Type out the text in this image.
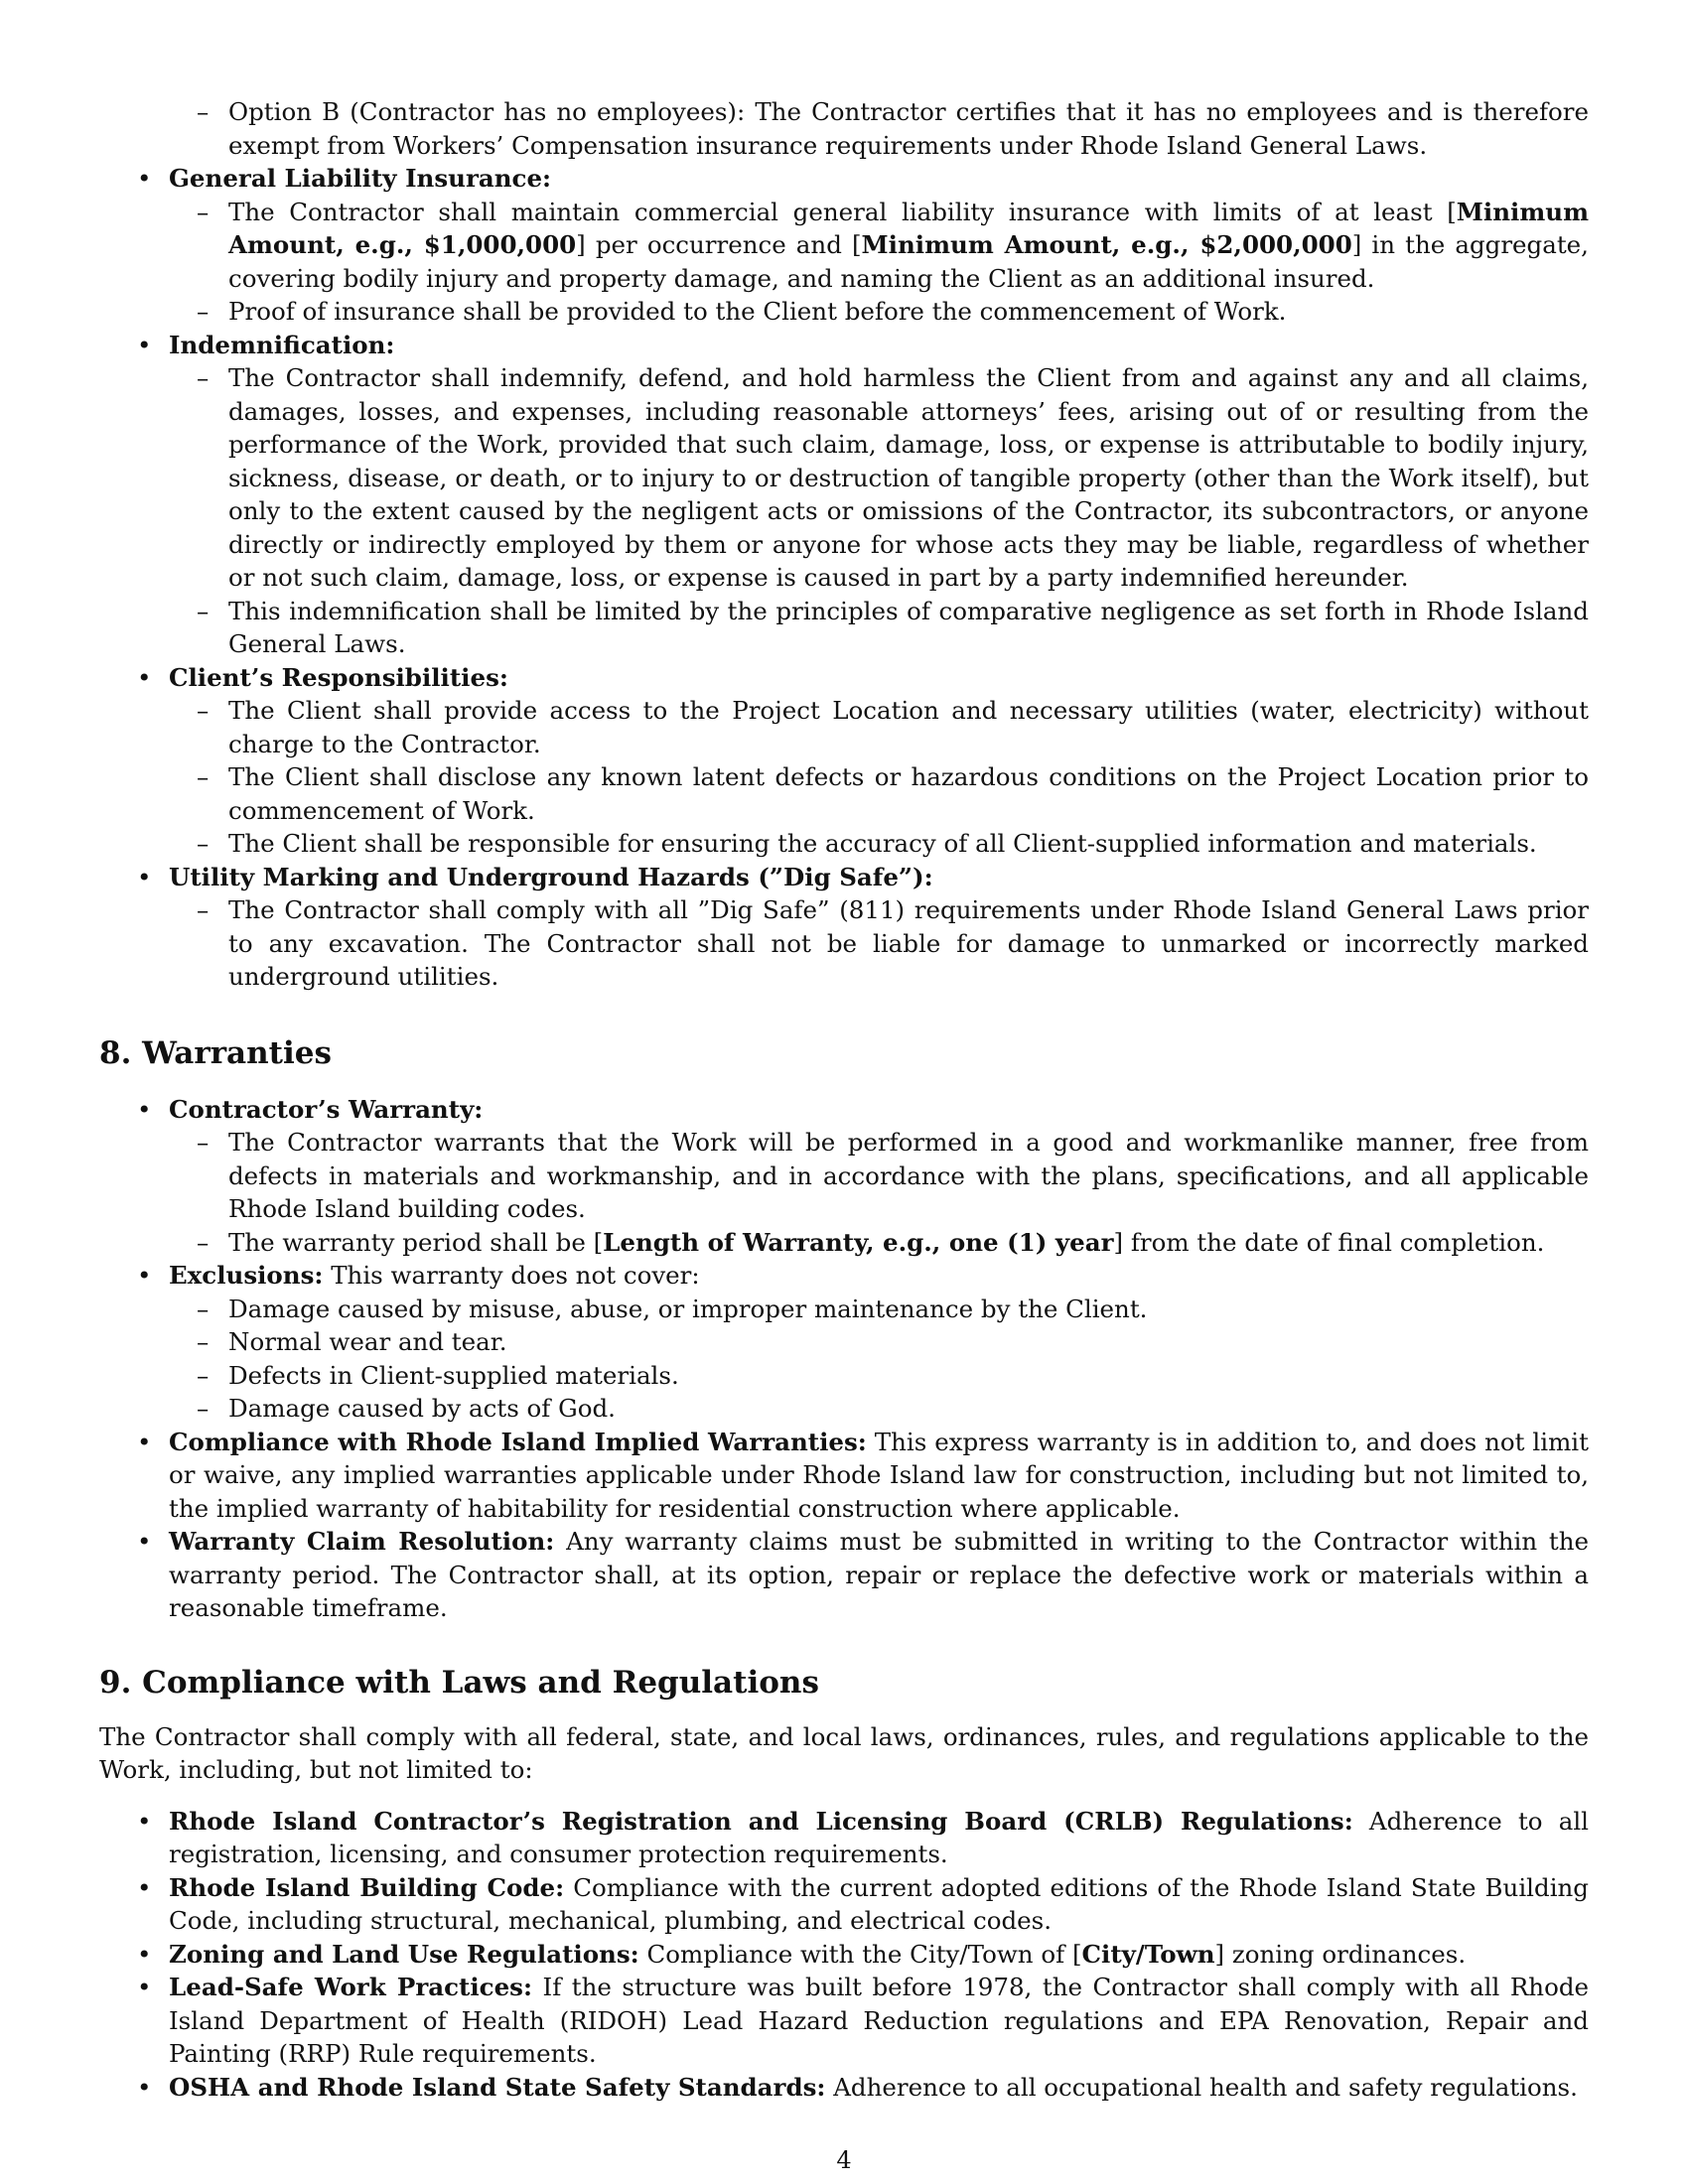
– Option B (Contractor has no employees): The Contractor certifies that it has no employees and is therefore exempt from Workers’ Compensation insurance requirements under Rhode Island General Laws.
• General Liability Insurance:
– The Contractor shall maintain commercial general liability insurance with limits of at least [Minimum Amount, e.g., $1,000,000] per occurrence and [Minimum Amount, e.g., $2,000,000] in the aggregate, covering bodily injury and property damage, and naming the Client as an additional insured.
– Proof of insurance shall be provided to the Client before the commencement of Work.
• Indemnification:
– The Contractor shall indemnify, defend, and hold harmless the Client from and against any and all claims, damages, losses, and expenses, including reasonable attorneys’ fees, arising out of or resulting from the performance of the Work, provided that such claim, damage, loss, or expense is attributable to bodily injury, sickness, disease, or death, or to injury to or destruction of tangible property (other than the Work itself), but only to the extent caused by the negligent acts or omissions of the Contractor, its subcontractors, or anyone directly or indirectly employed by them or anyone for whose acts they may be liable, regardless of whether or not such claim, damage, loss, or expense is caused in part by a party indemnified hereunder.
– This indemnification shall be limited by the principles of comparative negligence as set forth in Rhode Island General Laws.
• Client’s Responsibilities:
– The Client shall provide access to the Project Location and necessary utilities (water, electricity) without charge to the Contractor.
– The Client shall disclose any known latent defects or hazardous conditions on the Project Location prior to commencement of Work.
– The Client shall be responsible for ensuring the accuracy of all Client-supplied information and materials.
• Utility Marking and Underground Hazards (”Dig Safe”):
– The Contractor shall comply with all ”Dig Safe” (811) requirements under Rhode Island General Laws prior to any excavation. The Contractor shall not be liable for damage to unmarked or incorrectly marked underground utilities.
8. Warranties
• Contractor’s Warranty:
– The Contractor warrants that the Work will be performed in a good and workmanlike manner, free from defects in materials and workmanship, and in accordance with the plans, specifications, and all applicable Rhode Island building codes.
– The warranty period shall be [Length of Warranty, e.g., one (1) year] from the date of final completion.
• Exclusions: This warranty does not cover:
– Damage caused by misuse, abuse, or improper maintenance by the Client.
– Normal wear and tear.
– Defects in Client-supplied materials.
– Damage caused by acts of God.
• Compliance with Rhode Island Implied Warranties: This express warranty is in addition to, and does not limit or waive, any implied warranties applicable under Rhode Island law for construction, including but not limited to, the implied warranty of habitability for residential construction where applicable.
• Warranty Claim Resolution: Any warranty claims must be submitted in writing to the Contractor within the warranty period. The Contractor shall, at its option, repair or replace the defective work or materials within a reasonable timeframe.
9. Compliance with Laws and Regulations

The Contractor shall comply with all federal, state, and local laws, ordinances, rules, and regulations applicable to the Work, including, but not limited to:

• Rhode Island Contractor’s Registration and Licensing Board (CRLB) Regulations: Adherence to all registration, licensing, and consumer protection requirements.
• Rhode Island Building Code: Compliance with the current adopted editions of the Rhode Island State Building Code, including structural, mechanical, plumbing, and electrical codes.
• Zoning and Land Use Regulations: Compliance with the City/Town of [City/Town] zoning ordinances.
• Lead-Safe Work Practices: If the structure was built before 1978, the Contractor shall comply with all Rhode Island Department of Health (RIDOH) Lead Hazard Reduction regulations and EPA Renovation, Repair and Painting (RRP) Rule requirements.
• OSHA and Rhode Island State Safety Standards: Adherence to all occupational health and safety regulations.
4
